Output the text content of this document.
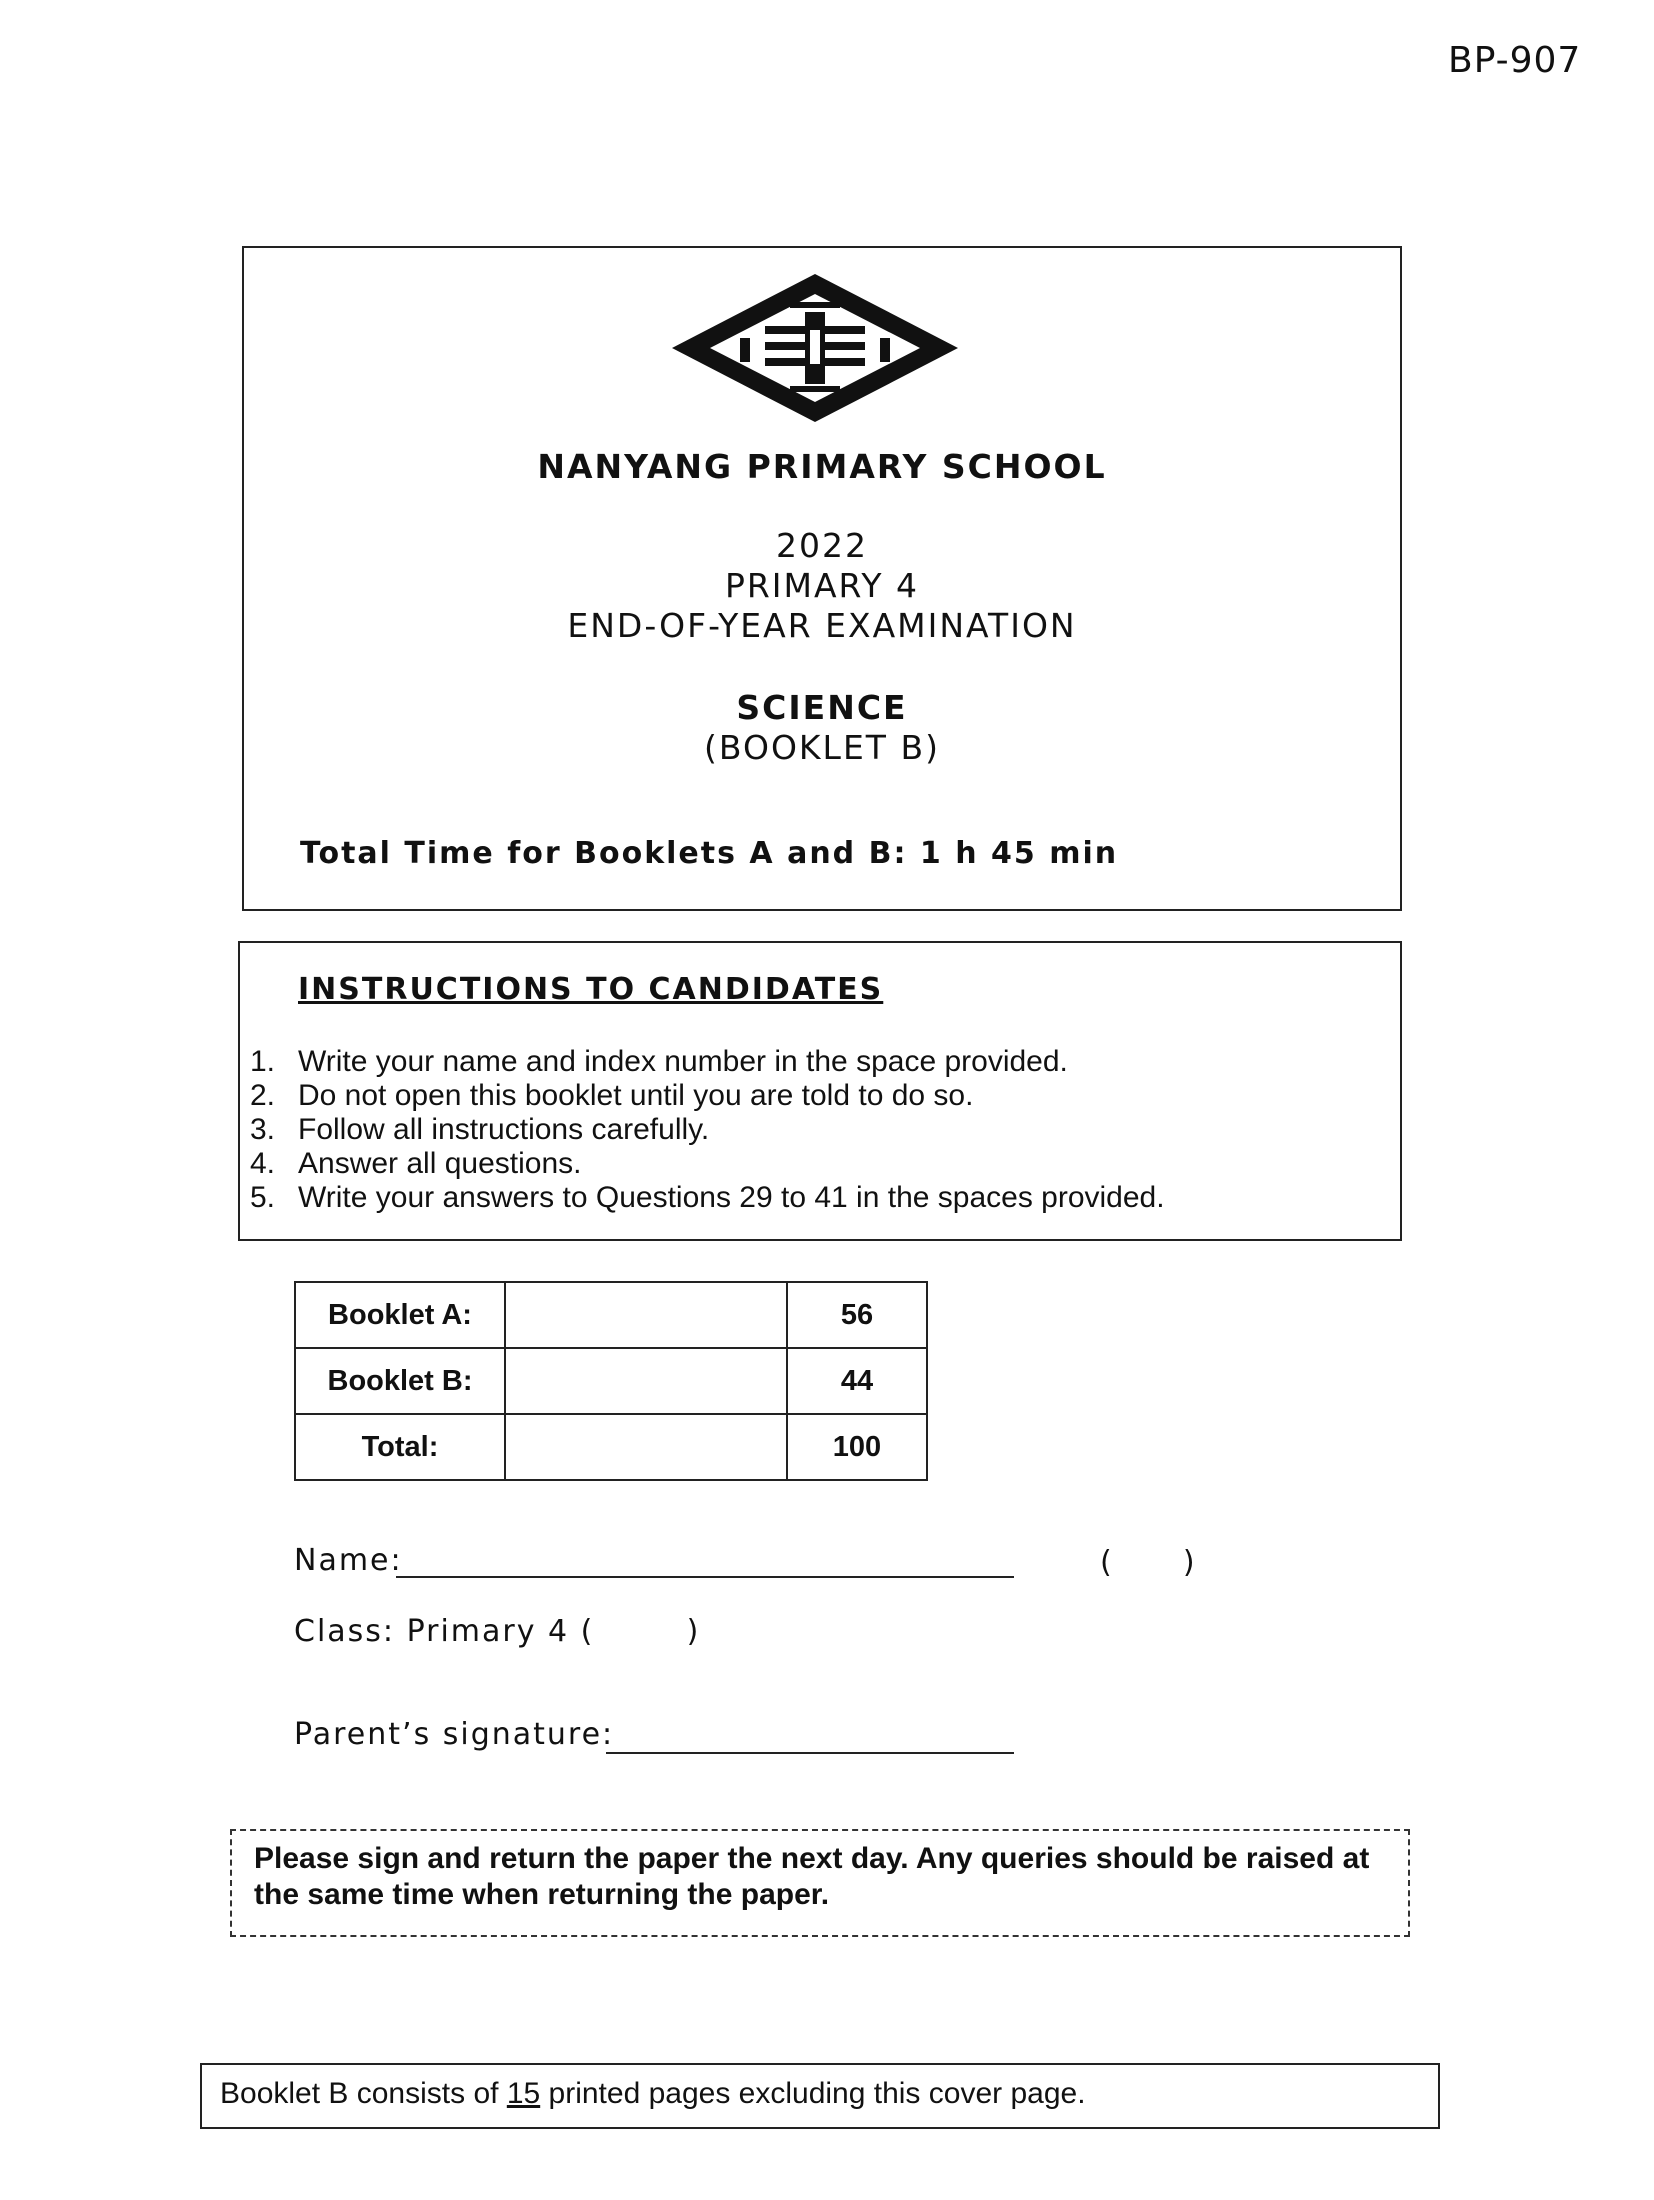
BP-907
NANYANG PRIMARY SCHOOL
2022
PRIMARY 4
END-OF-YEAR EXAMINATION
SCIENCE
(BOOKLET B)
Total Time for Booklets A and B: 1 h 45 min
INSTRUCTIONS TO CANDIDATES
1. Write your name and index number in the space provided.
2. Do not open this booklet until you are told to do so.
3. Follow all instructions carefully.
4. Answer all questions.
5. Write your answers to Questions 29 to 41 in the spaces provided.
Booklet A:		56
Booklet B:		44
Total:		100
Name:	(      )
Class: Primary 4 (        )
Parent’s signature:
Please sign and return the paper the next day. Any queries should be raised at the same time when returning the paper.
Booklet B consists of 15 printed pages excluding this cover page.
